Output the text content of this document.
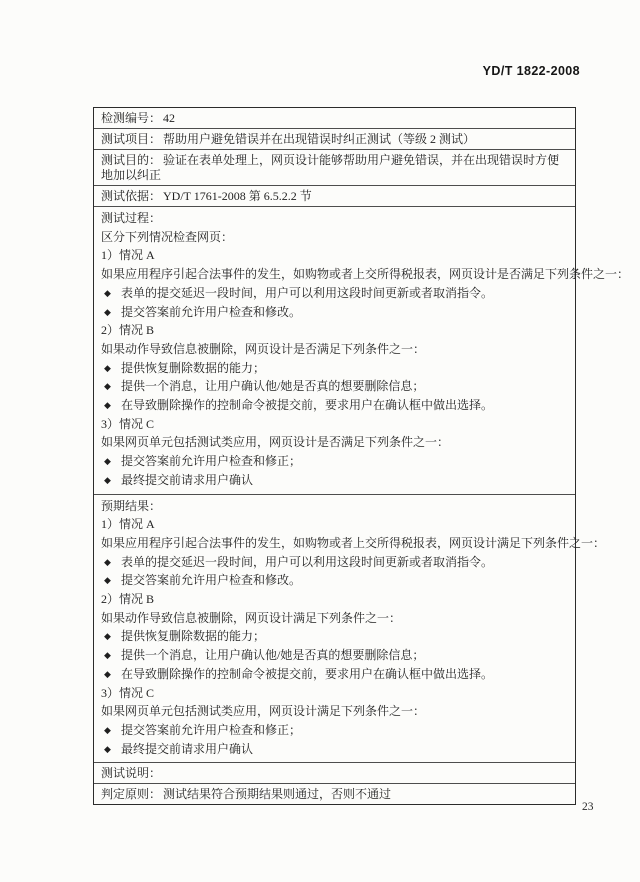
YD/T 1822-2008
检测编号： 42
测试项目： 帮助用户避免错误并在出现错误时纠正测试（等级 2 测试）
测试目的： 验证在表单处理上，网页设计能够帮助用户避免错误，并在出现错误时方便地加以纠正
测试依据： YD/T 1761-2008 第 6.5.2.2 节
测试过程：
区分下列情况检查网页：
1）情况 A
如果应用程序引起合法事件的发生，如购物或者上交所得税报表，网页设计是否满足下列条件之一：
◆ 表单的提交延迟一段时间，用户可以利用这段时间更新或者取消指令。
◆ 提交答案前允许用户检查和修改。
2）情况 B
如果动作导致信息被删除，网页设计是否满足下列条件之一：
◆ 提供恢复删除数据的能力；
◆ 提供一个消息，让用户确认他/她是否真的想要删除信息；
◆ 在导致删除操作的控制命令被提交前，要求用户在确认框中做出选择。
3）情况 C
如果网页单元包括测试类应用，网页设计是否满足下列条件之一：
◆ 提交答案前允许用户检查和修正；
◆ 最终提交前请求用户确认
预期结果：
1）情况 A
如果应用程序引起合法事件的发生，如购物或者上交所得税报表，网页设计满足下列条件之一：
◆ 表单的提交延迟一段时间，用户可以利用这段时间更新或者取消指令。
◆ 提交答案前允许用户检查和修改。
2）情况 B
如果动作导致信息被删除，网页设计满足下列条件之一：
◆ 提供恢复删除数据的能力；
◆ 提供一个消息，让用户确认他/她是否真的想要删除信息；
◆ 在导致删除操作的控制命令被提交前，要求用户在确认框中做出选择。
3）情况 C
如果网页单元包括测试类应用，网页设计满足下列条件之一：
◆ 提交答案前允许用户检查和修正；
◆ 最终提交前请求用户确认
测试说明：
判定原则： 测试结果符合预期结果则通过，否则不通过
23
